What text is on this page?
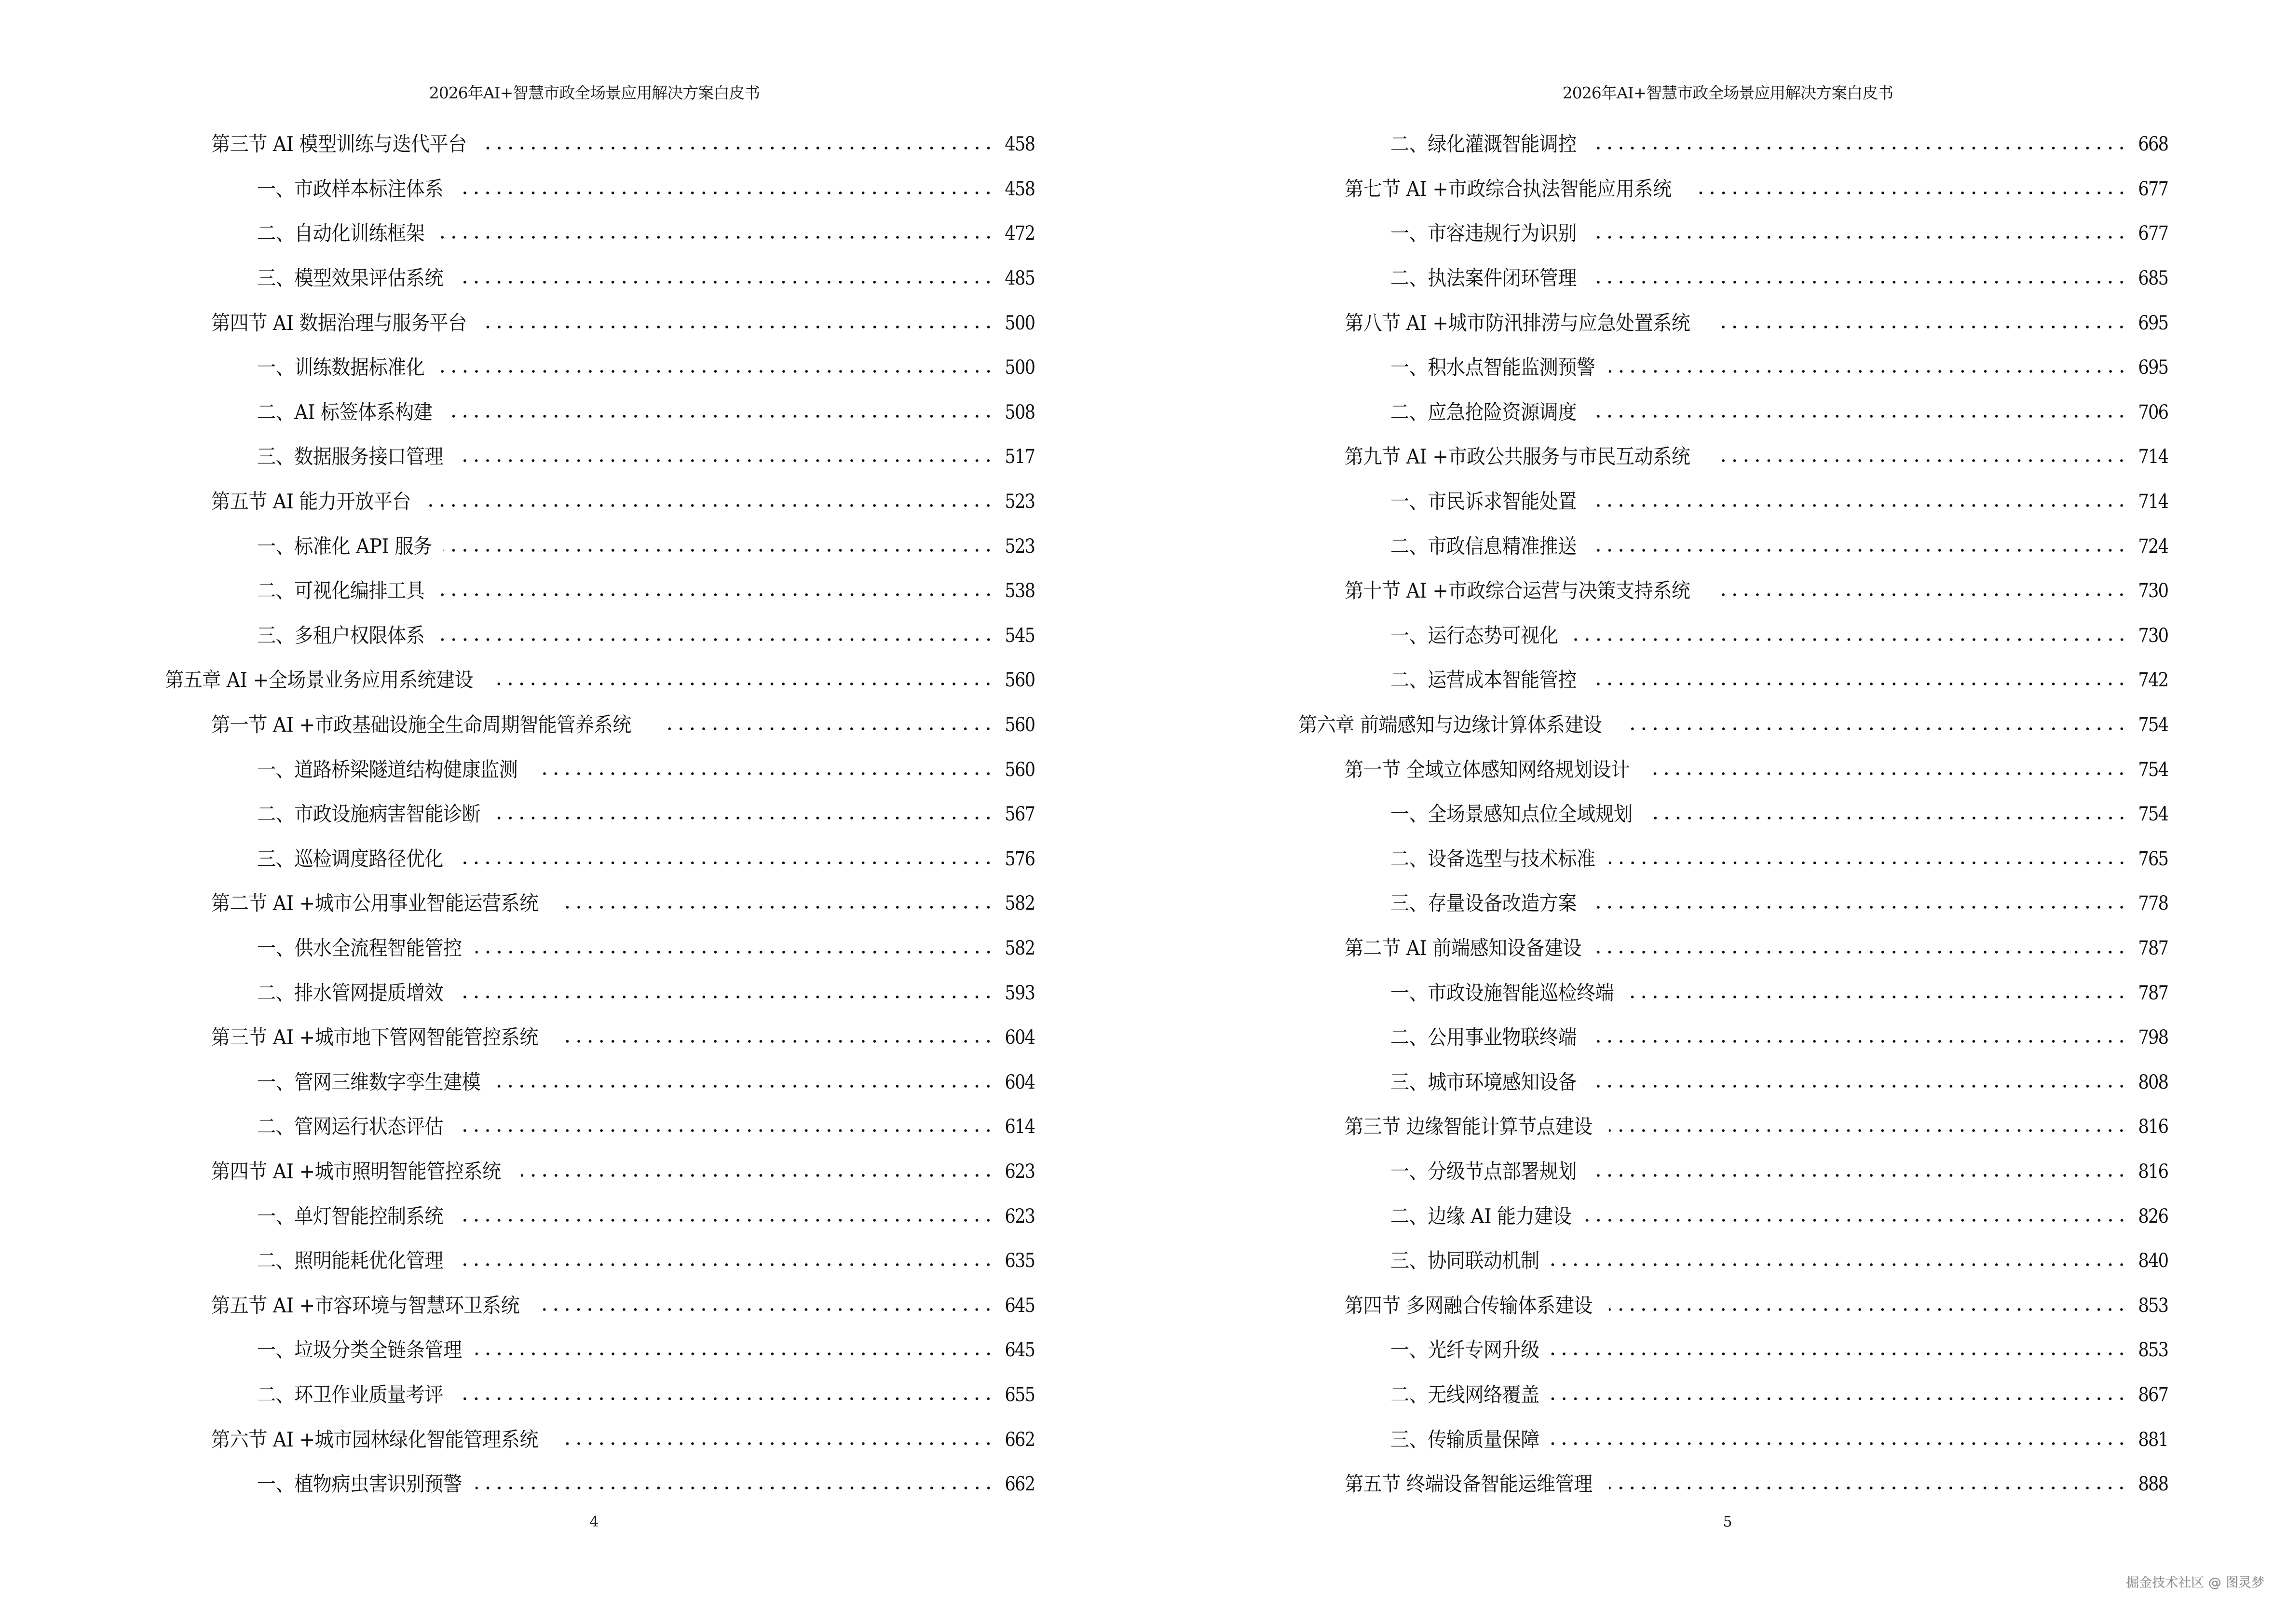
2026年AI+智慧市政全场景应用解决方案白皮书
第三节 AI 模型训练与迭代平台	458
一、市政样本标注体系	458
二、自动化训练框架	472
三、模型效果评估系统	485
第四节 AI 数据治理与服务平台	500
一、训练数据标准化	500
二、AI 标签体系构建	508
三、数据服务接口管理	517
第五节 AI 能力开放平台	523
一、标准化 API 服务	523
二、可视化编排工具	538
三、多租户权限体系	545
第五章 AI +全场景业务应用系统建设	560
第一节 AI +市政基础设施全生命周期智能管养系统	560
一、道路桥梁隧道结构健康监测	560
二、市政设施病害智能诊断	567
三、巡检调度路径优化	576
第二节 AI +城市公用事业智能运营系统	582
一、供水全流程智能管控	582
二、排水管网提质增效	593
第三节 AI +城市地下管网智能管控系统	604
一、管网三维数字孪生建模	604
二、管网运行状态评估	614
第四节 AI +城市照明智能管控系统	623
一、单灯智能控制系统	623
二、照明能耗优化管理	635
第五节 AI +市容环境与智慧环卫系统	645
一、垃圾分类全链条管理	645
二、环卫作业质量考评	655
第六节 AI +城市园林绿化智能管理系统	662
一、植物病虫害识别预警	662
4
2026年AI+智慧市政全场景应用解决方案白皮书
二、绿化灌溉智能调控	668
第七节 AI +市政综合执法智能应用系统	677
一、市容违规行为识别	677
二、执法案件闭环管理	685
第八节 AI +城市防汛排涝与应急处置系统	695
一、积水点智能监测预警	695
二、应急抢险资源调度	706
第九节 AI +市政公共服务与市民互动系统	714
一、市民诉求智能处置	714
二、市政信息精准推送	724
第十节 AI +市政综合运营与决策支持系统	730
一、运行态势可视化	730
二、运营成本智能管控	742
第六章 前端感知与边缘计算体系建设	754
第一节 全域立体感知网络规划设计	754
一、全场景感知点位全域规划	754
二、设备选型与技术标准	765
三、存量设备改造方案	778
第二节 AI 前端感知设备建设	787
一、市政设施智能巡检终端	787
二、公用事业物联终端	798
三、城市环境感知设备	808
第三节 边缘智能计算节点建设	816
一、分级节点部署规划	816
二、边缘 AI 能力建设	826
三、协同联动机制	840
第四节 多网融合传输体系建设	853
一、光纤专网升级	853
二、无线网络覆盖	867
三、传输质量保障	881
第五节 终端设备智能运维管理	888
5
掘金技术社区 @ 图灵梦
